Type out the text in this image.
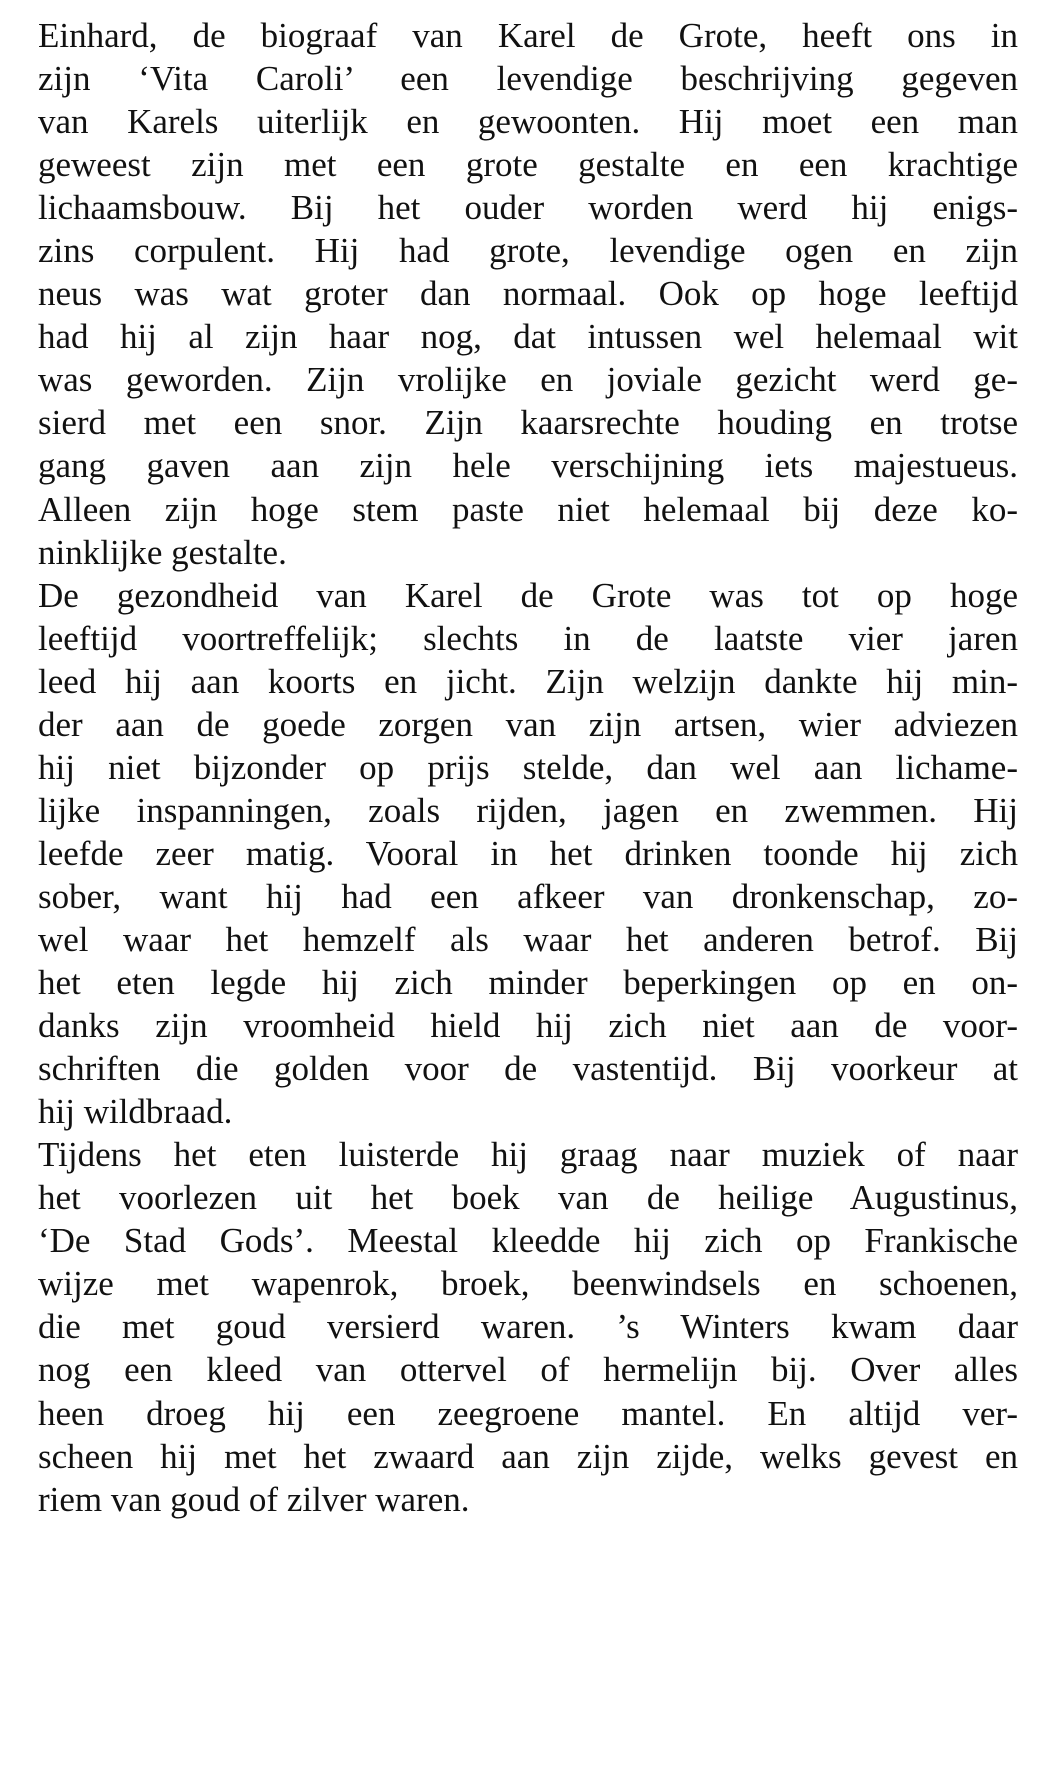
Einhard, de biograaf van Karel de Grote, heeft ons in
zijn ‘Vita Caroli’ een levendige beschrijving gegeven
van Karels uiterlijk en gewoonten. Hij moet een man
geweest zijn met een grote gestalte en een krachtige
lichaamsbouw. Bij het ouder worden werd hij enigs-
zins corpulent. Hij had grote, levendige ogen en zijn
neus was wat groter dan normaal. Ook op hoge leeftijd
had hij al zijn haar nog, dat intussen wel helemaal wit
was geworden. Zijn vrolijke en joviale gezicht werd ge-
sierd met een snor. Zijn kaarsrechte houding en trotse
gang gaven aan zijn hele verschijning iets majestueus.
Alleen zijn hoge stem paste niet helemaal bij deze ko-
ninklijke gestalte.
De gezondheid van Karel de Grote was tot op hoge
leeftijd voortreffelijk; slechts in de laatste vier jaren
leed hij aan koorts en jicht. Zijn welzijn dankte hij min-
der aan de goede zorgen van zijn artsen, wier adviezen
hij niet bijzonder op prijs stelde, dan wel aan lichame-
lijke inspanningen, zoals rijden, jagen en zwemmen. Hij
leefde zeer matig. Vooral in het drinken toonde hij zich
sober, want hij had een afkeer van dronkenschap, zo-
wel waar het hemzelf als waar het anderen betrof. Bij
het eten legde hij zich minder beperkingen op en on-
danks zijn vroomheid hield hij zich niet aan de voor-
schriften die golden voor de vastentijd. Bij voorkeur at
hij wildbraad.
Tijdens het eten luisterde hij graag naar muziek of naar
het voorlezen uit het boek van de heilige Augustinus,
‘De Stad Gods’. Meestal kleedde hij zich op Frankische
wijze met wapenrok, broek, beenwindsels en schoenen,
die met goud versierd waren. ’s Winters kwam daar
nog een kleed van ottervel of hermelijn bij. Over alles
heen droeg hij een zeegroene mantel. En altijd ver-
scheen hij met het zwaard aan zijn zijde, welks gevest en
riem van goud of zilver waren.
